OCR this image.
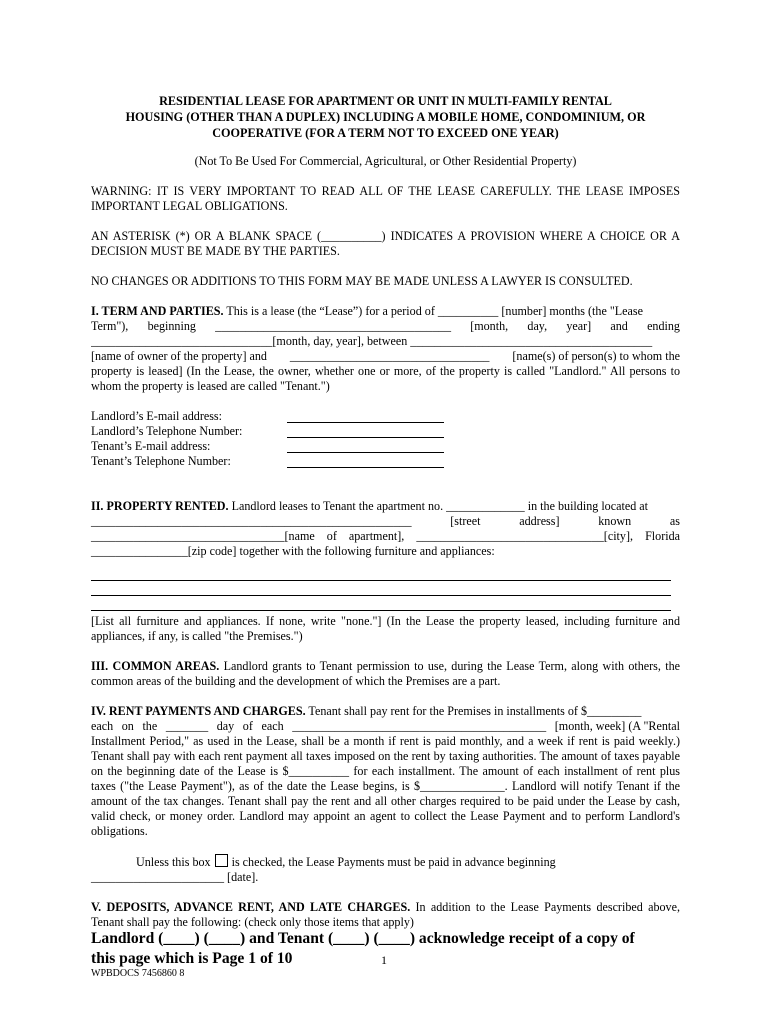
RESIDENTIAL LEASE FOR APARTMENT OR UNIT IN MULTI-FAMILY RENTAL
HOUSING (OTHER THAN A DUPLEX) INCLUDING A MOBILE HOME, CONDOMINIUM, OR
COOPERATIVE (FOR A TERM NOT TO EXCEED ONE YEAR)

(Not To Be Used For Commercial, Agricultural, or Other Residential Property)

WARNING: IT IS VERY IMPORTANT TO READ ALL OF THE LEASE CAREFULLY. THE LEASE IMPOSES IMPORTANT LEGAL OBLIGATIONS.

AN ASTERISK (*) OR A BLANK SPACE (__________) INDICATES A PROVISION WHERE A CHOICE OR A DECISION MUST BE MADE BY THE PARTIES.

NO CHANGES OR ADDITIONS TO THIS FORM MAY BE MADE UNLESS A LAWYER IS CONSULTED.

I. TERM AND PARTIES. This is a lease (the “Lease”) for a period of __________ [number] months (the "Lease
Term"), beginning _______________________________________ [month, day, year] and ending
______________________________[month, day, year], between ________________________________________
[name of owner of the property] and _________________________________ [name(s) of person(s) to whom the

property is leased] (In the Lease, the owner, whether one or more, of the property is called "Landlord." All persons to whom the property is leased are called "Tenant.")

Landlord’s E-mail address:
Landlord’s Telephone Number:
Tenant’s E-mail address:
Tenant’s Telephone Number:
II. PROPERTY RENTED. Landlord leases to Tenant the apartment no. _____________ in the building located at
_____________________________________________________	[street	address]	known	as
________________________________[name of apartment], _______________________________[city], Florida
________________[zip code] together with the following furniture and appliances:

[List all furniture and appliances. If none, write "none."] (In the Lease the property leased, including furniture and appliances, if any, is called "the Premises.")

III. COMMON AREAS. Landlord grants to Tenant permission to use, during the Lease Term, along with others, the common areas of the building and the development of which the Premises are a part.

IV. RENT PAYMENTS AND CHARGES. Tenant shall pay rent for the Premises in installments of $_________
each on the _______ day of each __________________________________________ [month, week] (A "Rental

Installment Period," as used in the Lease, shall be a month if rent is paid monthly, and a week if rent is paid weekly.) Tenant shall pay with each rent payment all taxes imposed on the rent by taxing authorities. The amount of taxes payable on the beginning date of the Lease is $__________ for each installment. The amount of each installment of rent plus taxes ("the Lease Payment"), as of the date the Lease begins, is $______________. Landlord will notify Tenant if the amount of the tax changes. Tenant shall pay the rent and all other charges required to be paid under the Lease by cash, valid check, or money order. Landlord may appoint an agent to collect the Lease Payment and to perform Landlord's obligations.

Unless this box is checked, the Lease Payments must be paid in advance beginning

______________________ [date].

V. DEPOSITS, ADVANCE RENT, AND LATE CHARGES. In addition to the Lease Payments described above, Tenant shall pay the following: (check only those items that apply)

Landlord (____) (____) and Tenant (____) (____) acknowledge receipt of a copy of
this page which is Page 1 of 10	1
WPBDOCS 7456860 8
